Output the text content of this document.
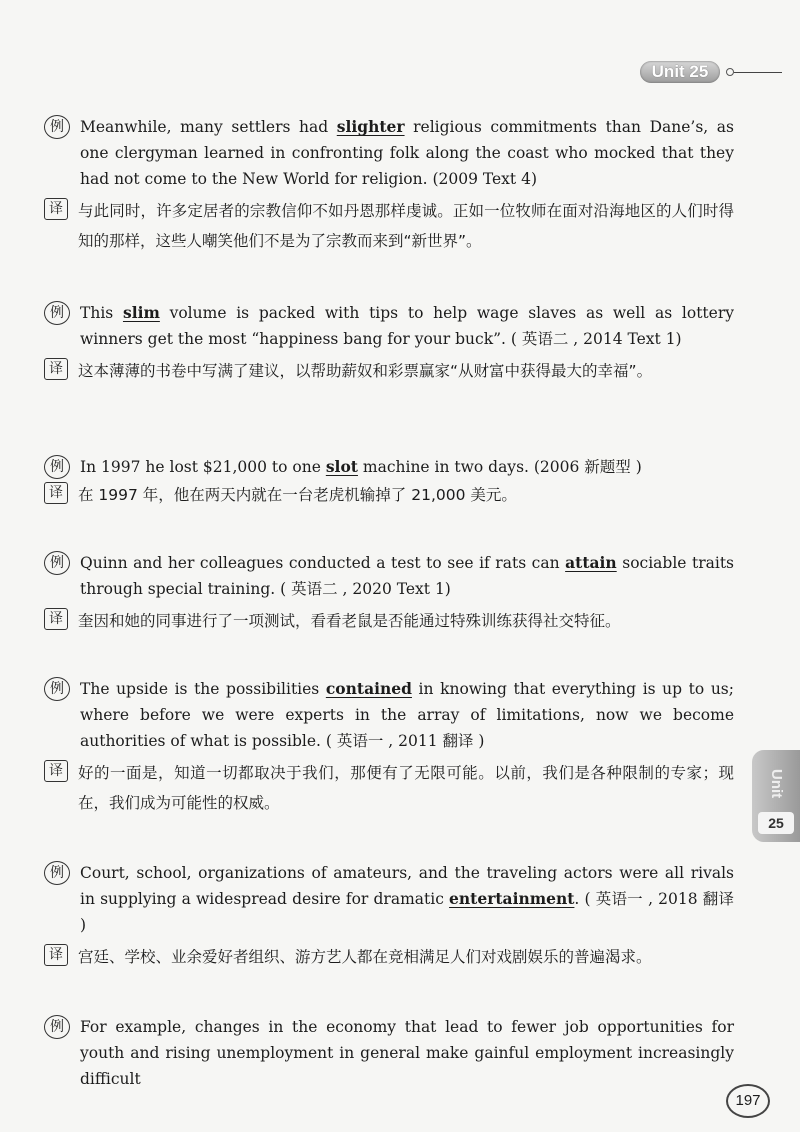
Unit 25
例	Meanwhile, many settlers had slighter religious commitments than Dane’s, as one clergyman learned in confronting folk along the coast who mocked that they had not come to the New World for religion. (2009 Text 4)
译 与此同时，许多定居者的宗教信仰不如丹恩那样虔诚。正如一位牧师在面对沿海地区的人们时得知的那样，这些人嘲笑他们不是为了宗教而来到“新世界”。
例	This slim volume is packed with tips to help wage slaves as well as lottery winners get the most “happiness bang for your buck”. ( 英语二 , 2014 Text 1)
译 这本薄薄的书卷中写满了建议，以帮助薪奴和彩票赢家“从财富中获得最大的幸福”。
例	In 1997 he lost $21,000 to one slot machine in two days. (2006 新题型 )
译 在 1997 年，他在两天内就在一台老虎机输掉了 21,000 美元。
例	Quinn and her colleagues conducted a test to see if rats can attain sociable traits through special training. ( 英语二 , 2020 Text 1)
译 奎因和她的同事进行了一项测试，看看老鼠是否能通过特殊训练获得社交特征。
例	The upside is the possibilities contained in knowing that everything is up to us; where before we were experts in the array of limitations, now we become authorities of what is possible. ( 英语一 , 2011 翻译 )
译 好的一面是，知道一切都取决于我们，那便有了无限可能。以前，我们是各种限制的专家；现在，我们成为可能性的权威。
例	Court, school, organizations of amateurs, and the traveling actors were all rivals in supplying a widespread desire for dramatic entertainment. ( 英语一 , 2018 翻译 )
译 宫廷、学校、业余爱好者组织、游方艺人都在竞相满足人们对戏剧娱乐的普遍渴求。
例	For example, changes in the economy that lead to fewer job opportunities for youth and rising unemployment in general make gainful employment increasingly difficult
Unit
25
197
